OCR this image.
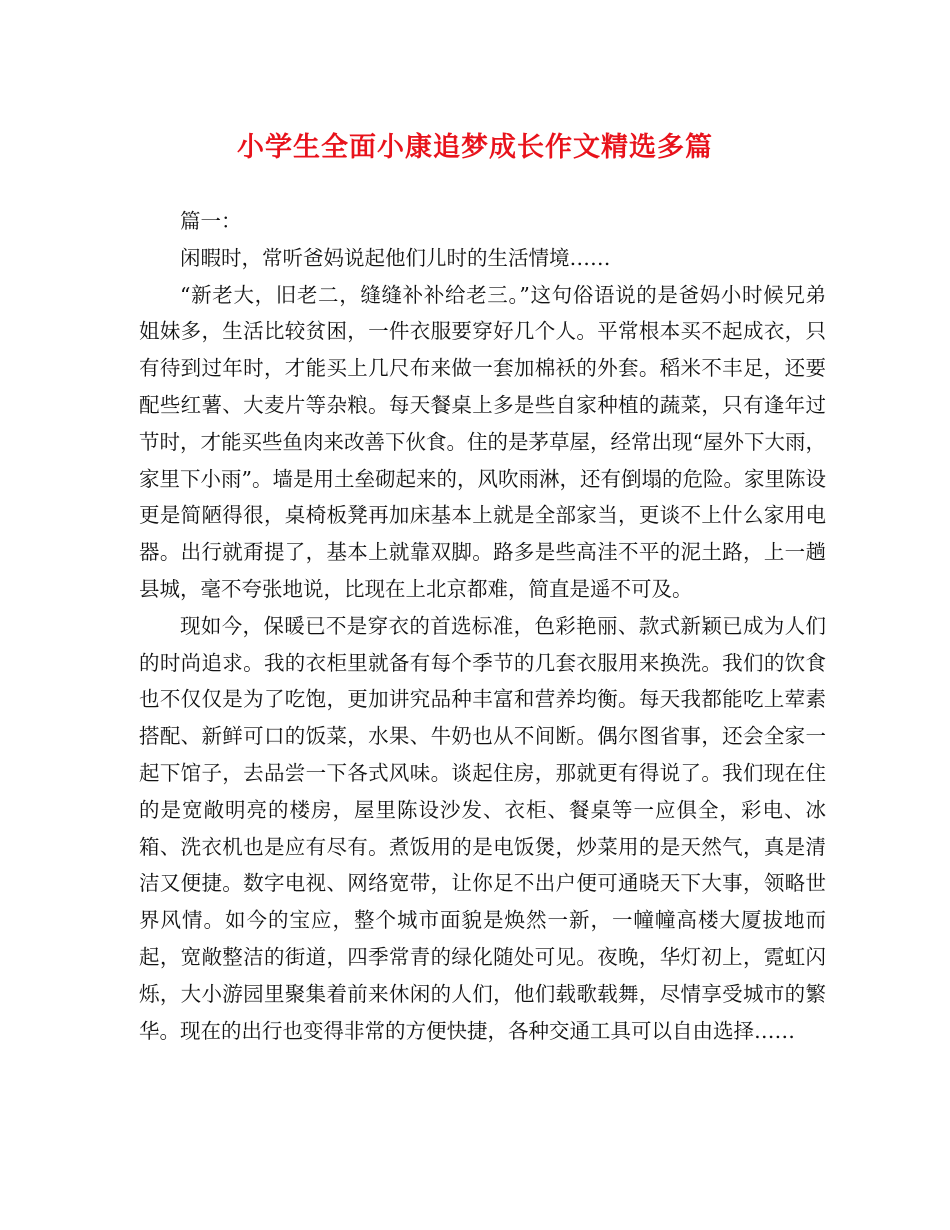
小学生全面小康追梦成长作文精选多篇

篇一：

闲暇时，常听爸妈说起他们儿时的生活情境……

“新老大，旧老二，缝缝补补给老三。”这句俗语说的是爸妈小时候兄弟姐妹多，生活比较贫困，一件衣服要穿好几个人。平常根本买不起成衣，只有待到过年时，才能买上几尺布来做一套加棉袄的外套。稻米不丰足，还要配些红薯、大麦片等杂粮。每天餐桌上多是些自家种植的蔬菜，只有逢年过节时，才能买些鱼肉来改善下伙食。住的是茅草屋，经常出现“屋外下大雨，家里下小雨”。墙是用土垒砌起来的，风吹雨淋，还有倒塌的危险。家里陈设更是简陋得很，桌椅板凳再加床基本上就是全部家当，更谈不上什么家用电器。出行就甭提了，基本上就靠双脚。路多是些高洼不平的泥土路，上一趟县城，毫不夸张地说，比现在上北京都难，简直是遥不可及。

现如今，保暖已不是穿衣的首选标准，色彩艳丽、款式新颖已成为人们的时尚追求。我的衣柜里就备有每个季节的几套衣服用来换洗。我们的饮食也不仅仅是为了吃饱，更加讲究品种丰富和营养均衡。每天我都能吃上荤素搭配、新鲜可口的饭菜，水果、牛奶也从不间断。偶尔图省事，还会全家一起下馆子，去品尝一下各式风味。谈起住房，那就更有得说了。我们现在住的是宽敞明亮的楼房，屋里陈设沙发、衣柜、餐桌等一应俱全，彩电、冰箱、洗衣机也是应有尽有。煮饭用的是电饭煲，炒菜用的是天然气，真是清洁又便捷。数字电视、网络宽带，让你足不出户便可通晓天下大事，领略世界风情。如今的宝应，整个城市面貌是焕然一新，一幢幢高楼大厦拔地而起，宽敞整洁的街道，四季常青的绿化随处可见。夜晚，华灯初上，霓虹闪烁，大小游园里聚集着前来休闲的人们，他们载歌载舞，尽情享受城市的繁华。现在的出行也变得非常的方便快捷，各种交通工具可以自由选择……
